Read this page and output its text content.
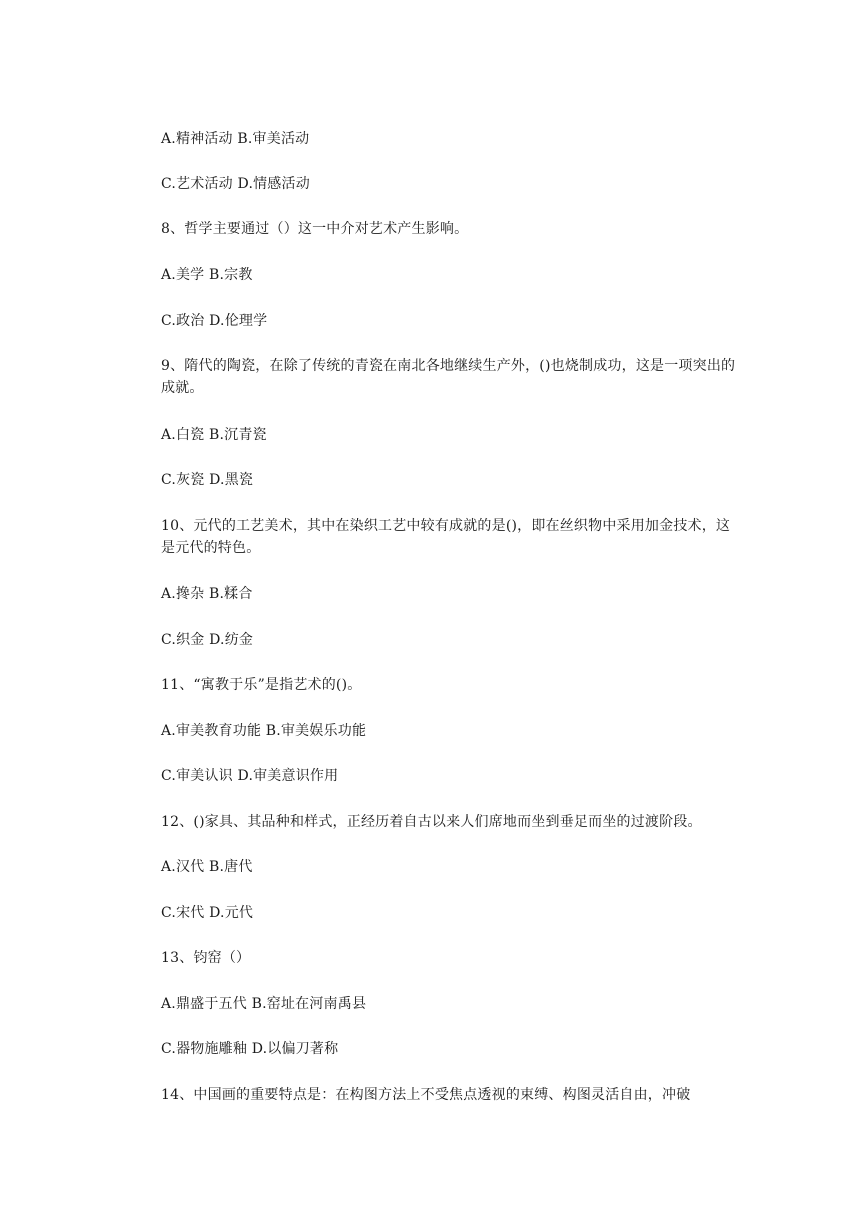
A.精神活动 B.审美活动
C.艺术活动 D.情感活动
8、哲学主要通过（）这一中介对艺术产生影响。
A.美学 B.宗教
C.政治 D.伦理学
9、隋代的陶瓷，在除了传统的青瓷在南北各地继续生产外，()也烧制成功，这是一项突出的成就。
A.白瓷 B.沉青瓷
C.灰瓷 D.黑瓷
10、元代的工艺美术，其中在染织工艺中较有成就的是()，即在丝织物中采用加金技术，这是元代的特色。
A.搀杂 B.糅合
C.织金 D.纺金
11、“寓教于乐”是指艺术的()。
A.审美教育功能 B.审美娱乐功能
C.审美认识 D.审美意识作用
12、()家具、其品种和样式，正经历着自古以来人们席地而坐到垂足而坐的过渡阶段。
A.汉代 B.唐代
C.宋代 D.元代
13、钧窑（）
A.鼎盛于五代 B.窑址在河南禹县
C.器物施雕釉 D.以偏刀著称
14、中国画的重要特点是：在构图方法上不受焦点透视的束缚、构图灵活自由，冲破
